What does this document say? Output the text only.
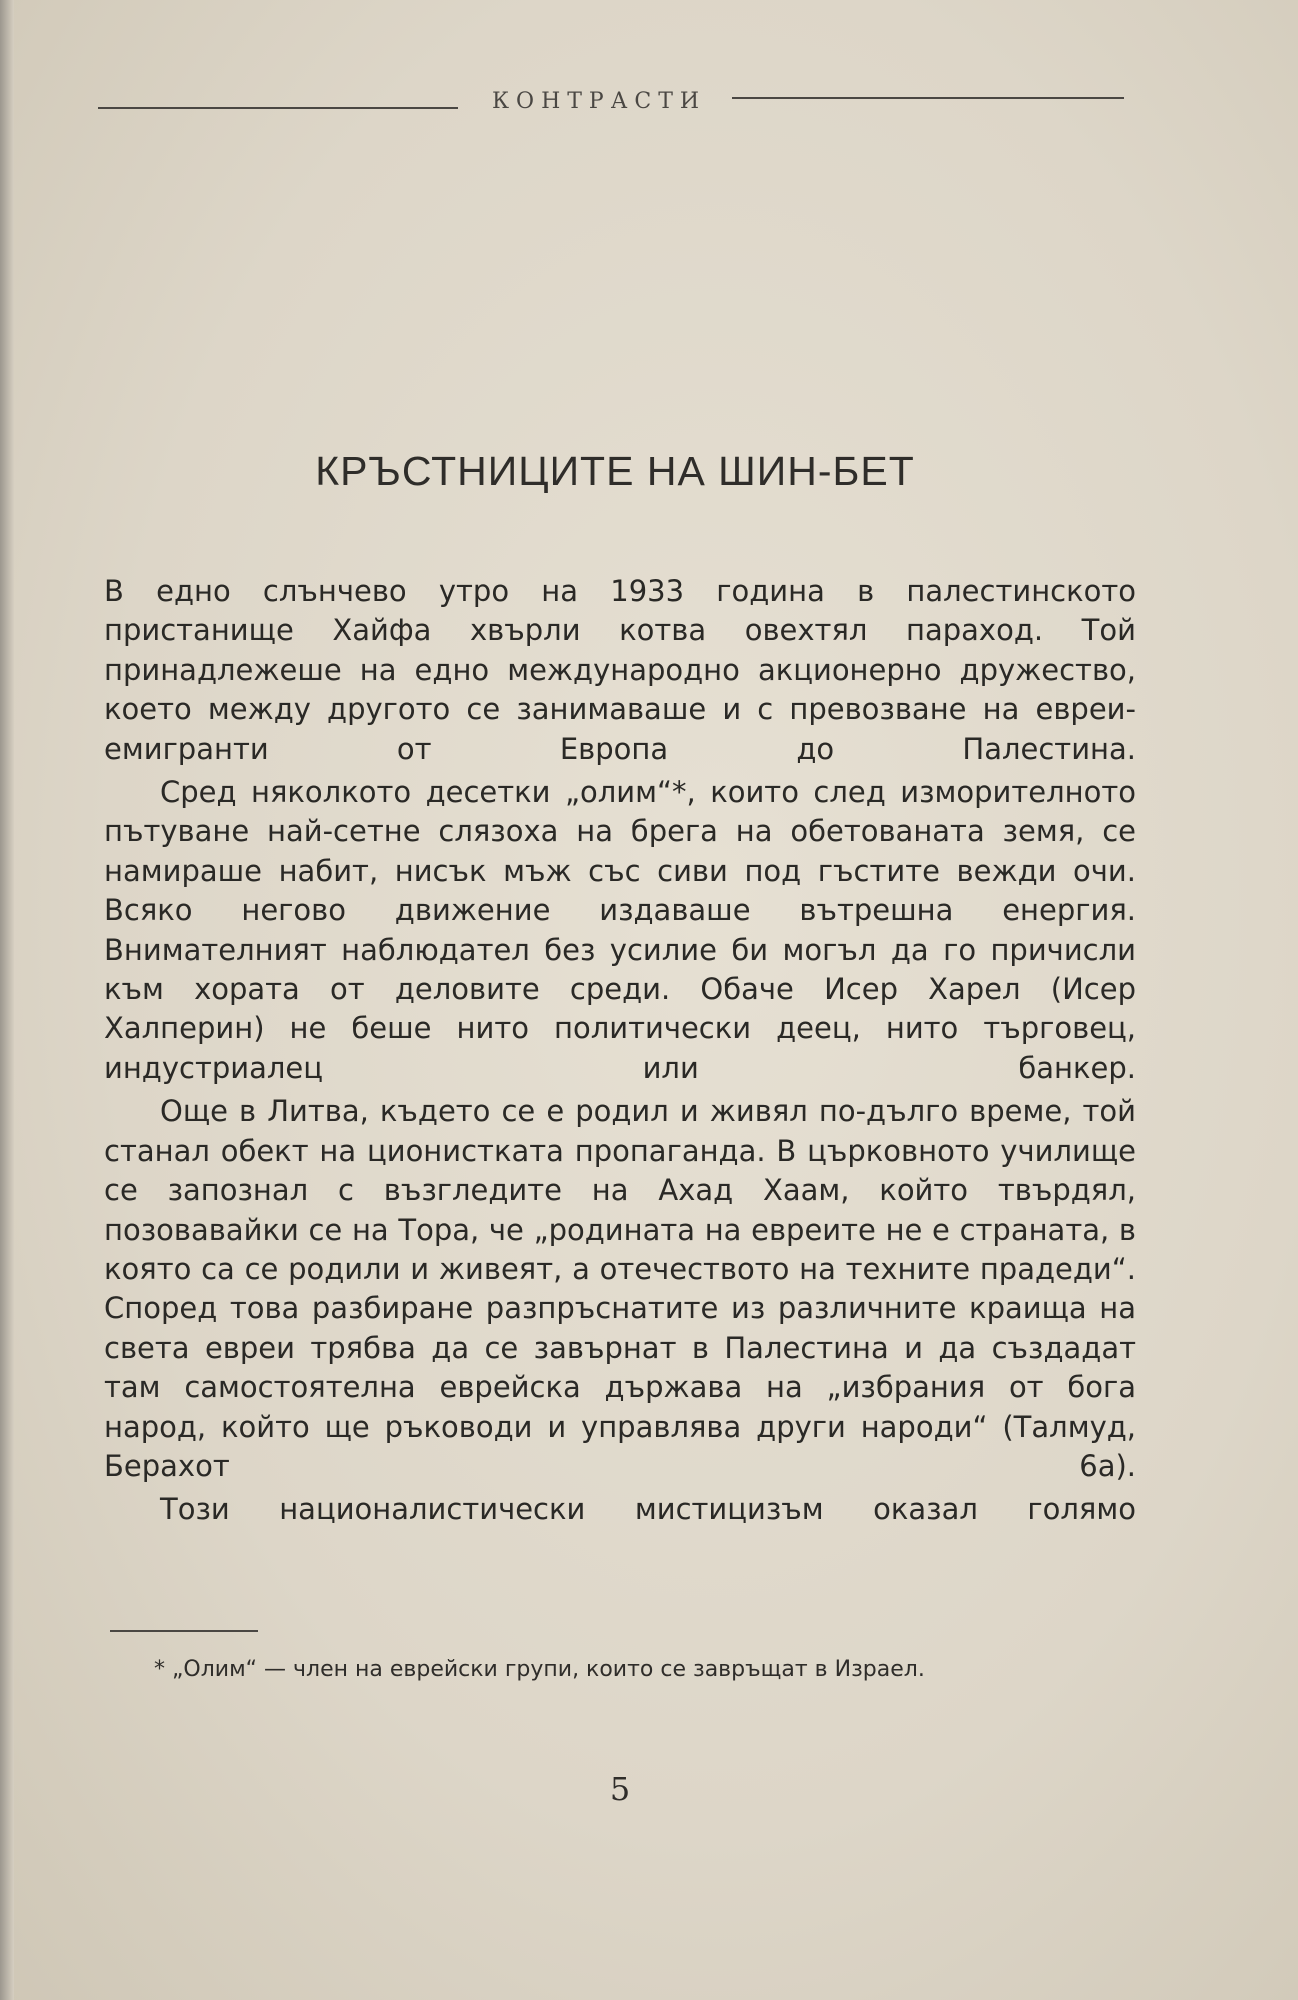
КОНТРАСТИ
КРЪСТНИЦИТЕ НА ШИН-БЕТ

В едно слънчево утро на 1933 година в палестинското пристанище Хайфа хвърли котва овехтял параход. Той принадлежеше на едно международно акционерно дружество, което между другото се занимаваше и с превозване на евреи-емигранти от Европа до Палестина.

Сред няколкото десетки „олим“*, които след изморителното пътуване най-сетне слязоха на брега на обетованата земя, се намираше набит, нисък мъж със сиви под гъстите вежди очи. Всяко негово движение издаваше вътрешна енергия. Внимателният наблюдател без усилие би могъл да го причисли към хората от деловите среди. Обаче Исер Харел (Исер Халперин) не беше нито политически деец, нито търговец, индустриалец или банкер.

Още в Литва, където се е родил и живял по-дълго време, той станал обект на ционистката пропаганда. В църковното училище се запознал с възгледите на Ахад Хаам, който твърдял, позовавайки се на Тора, че „родината на евреите не е страната, в която са се родили и живеят, а отечеството на техните прадеди“. Според това разбиране разпръснатите из различните краища на света евреи трябва да се завърнат в Палестина и да създадат там самостоятелна еврейска държава на „избрания от бога народ, който ще ръководи и управлява други народи“ (Талмуд, Берахот 6а).

Този националистически мистицизъм оказал голямо

* „Олим“ — член на еврейски групи, които се завръщат в Израел.

5
